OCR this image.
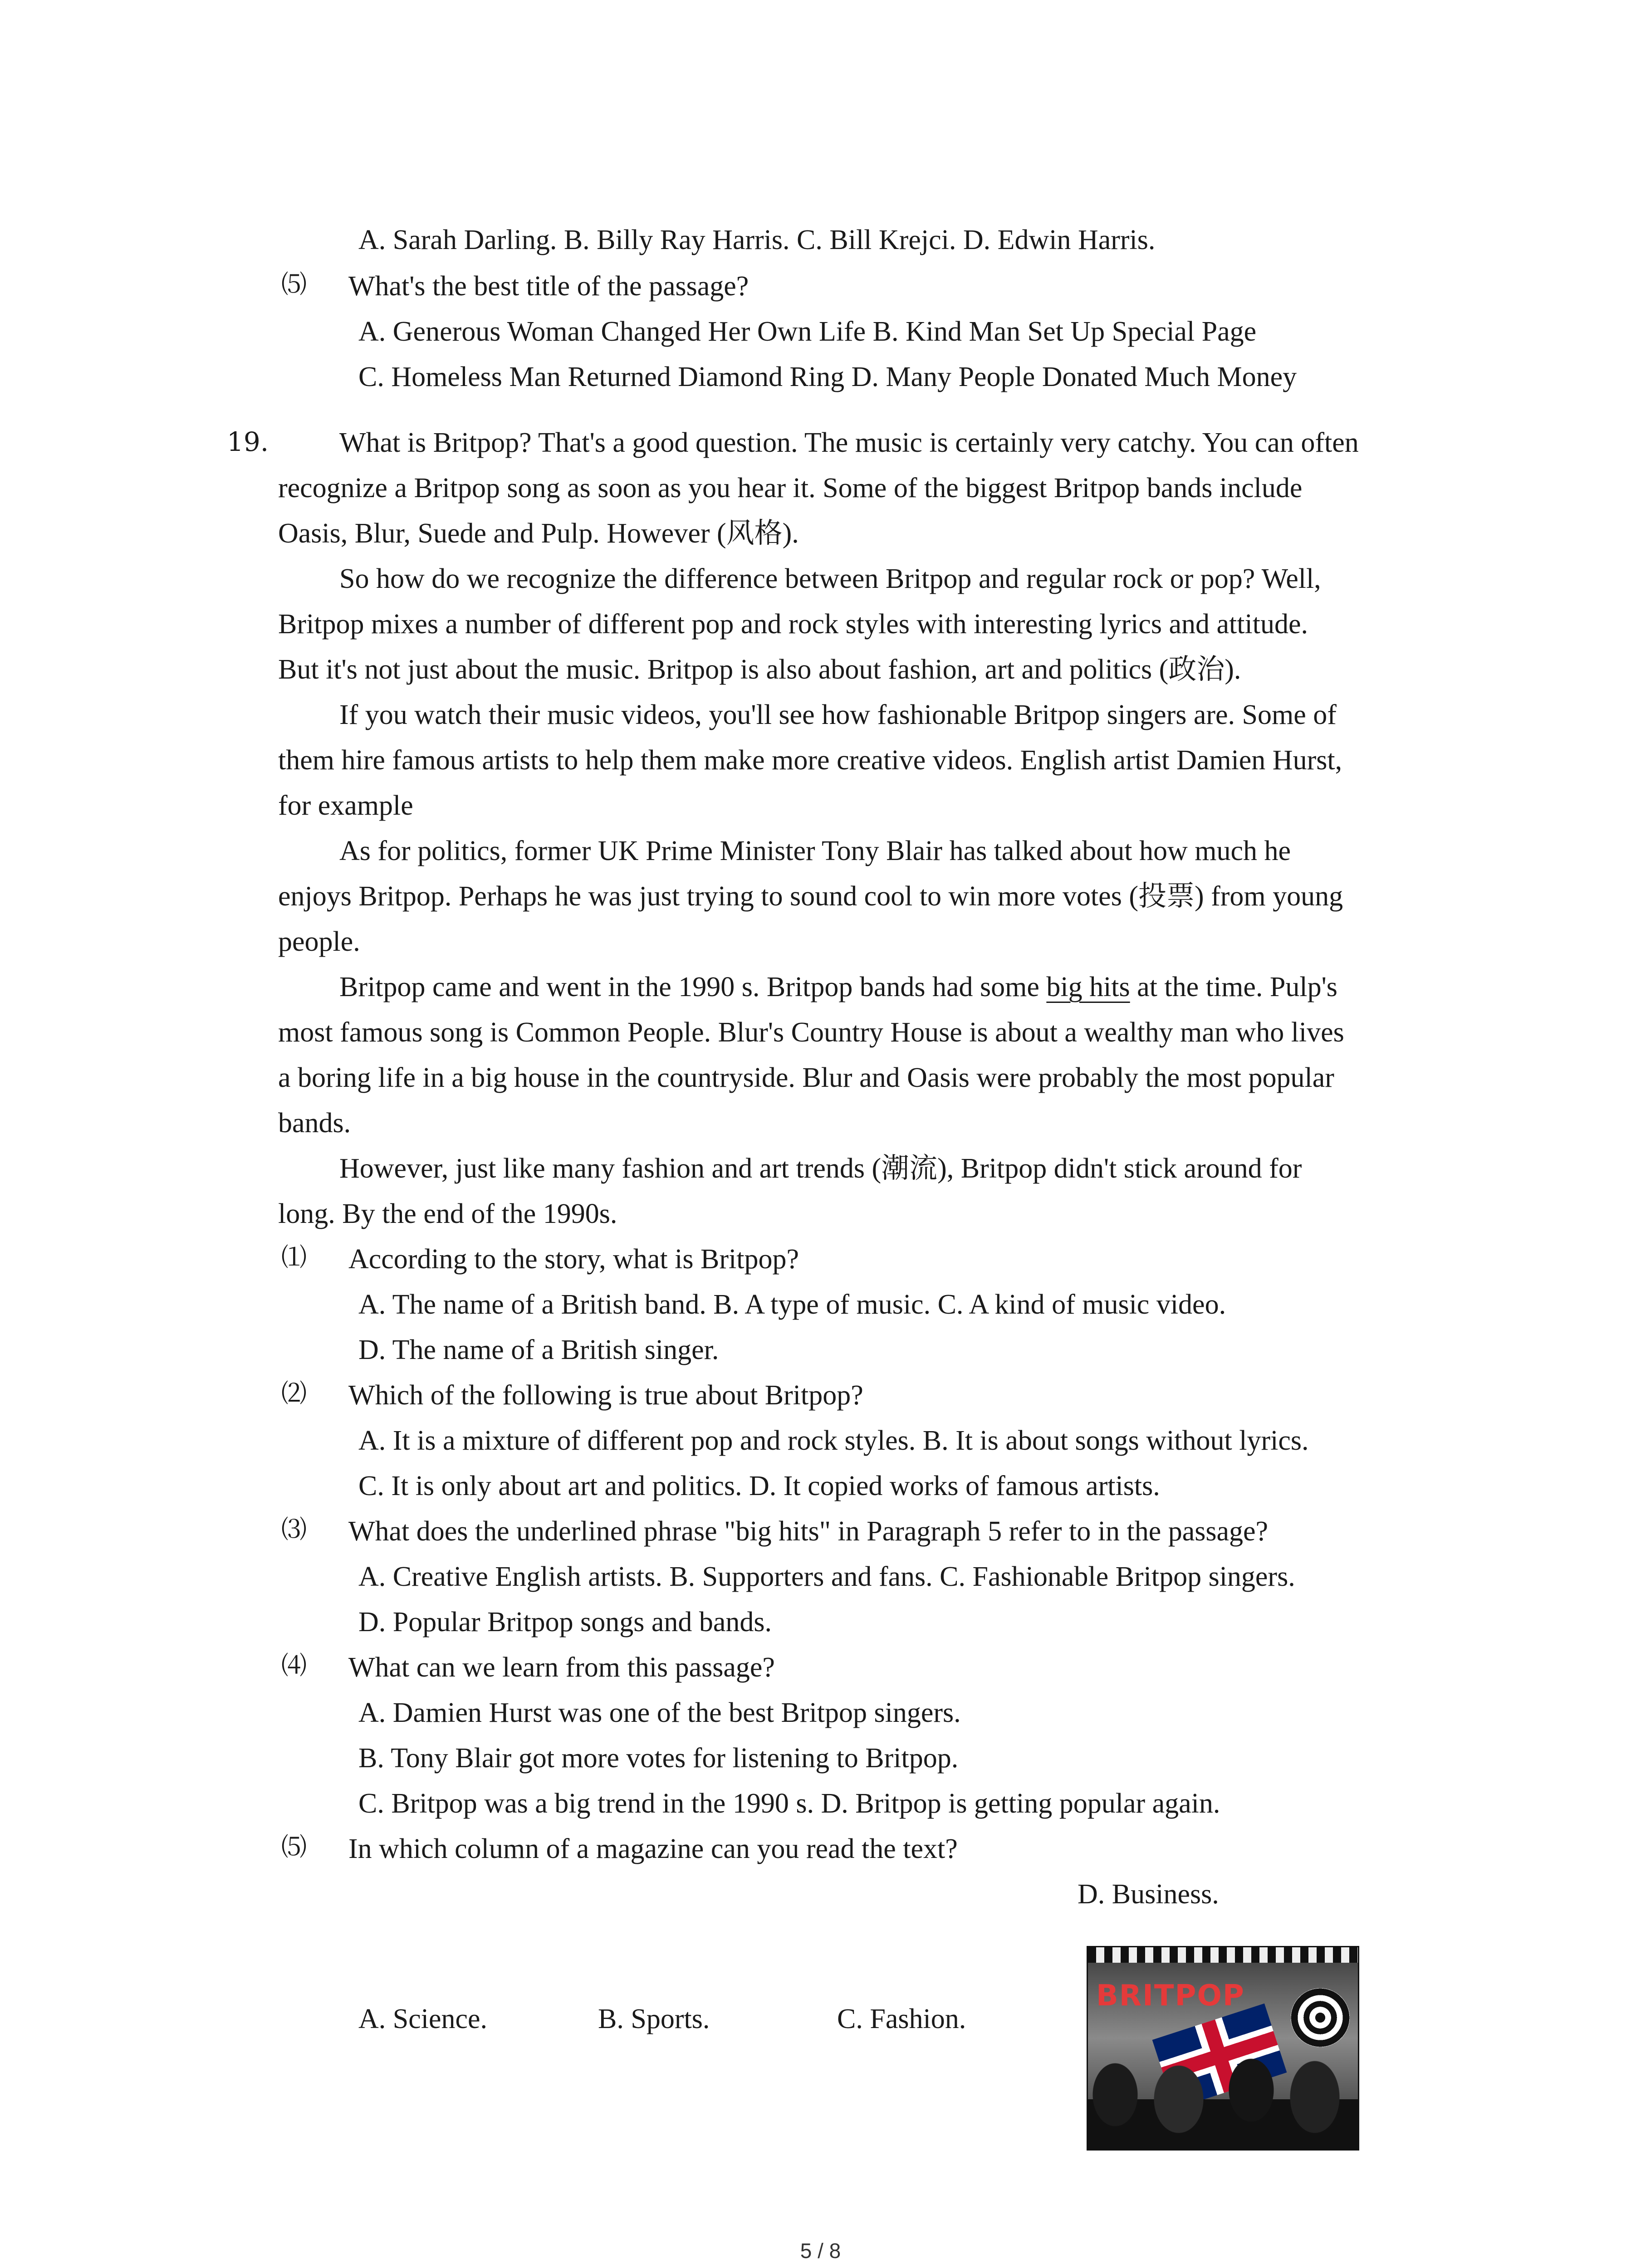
A. Sarah Darling. B. Billy Ray Harris. C. Bill Krejci. D. Edwin Harris.
⑸ What's the best title of the passage?
A. Generous Woman Changed Her Own Life B. Kind Man Set Up Special Page
C. Homeless Man Returned Diamond Ring D. Many People Donated Much Money
19.	What is Britpop? That's a good question. The music is certainly very catchy. You can often
recognize a Britpop song as soon as you hear it. Some of the biggest Britpop bands include
Oasis, Blur, Suede and Pulp. However (风格).
So how do we recognize the difference between Britpop and regular rock or pop? Well,
Britpop mixes a number of different pop and rock styles with interesting lyrics and attitude.
But it's not just about the music. Britpop is also about fashion, art and politics (政治).
If you watch their music videos, you'll see how fashionable Britpop singers are. Some of
them hire famous artists to help them make more creative videos. English artist Damien Hurst,
for example
As for politics, former UK Prime Minister Tony Blair has talked about how much he
enjoys Britpop. Perhaps he was just trying to sound cool to win more votes (投票) from young
people.
Britpop came and went in the 1990 s. Britpop bands had some big hits at the time. Pulp's
most famous song is Common People. Blur's Country House is about a wealthy man who lives
a boring life in a big house in the countryside. Blur and Oasis were probably the most popular
bands.
However, just like many fashion and art trends (潮流), Britpop didn't stick around for
long. By the end of the 1990s.
⑴ According to the story, what is Britpop?
A. The name of a British band. B. A type of music. C. A kind of music video.
D. The name of a British singer.
⑵ Which of the following is true about Britpop?
A. It is a mixture of different pop and rock styles. B. It is about songs without lyrics.
C. It is only about art and politics. D. It copied works of famous artists.
⑶ What does the underlined phrase "big hits" in Paragraph 5 refer to in the passage?
A. Creative English artists. B. Supporters and fans. C. Fashionable Britpop singers.
D. Popular Britpop songs and bands.
⑷ What can we learn from this passage?
A. Damien Hurst was one of the best Britpop singers.
B. Tony Blair got more votes for listening to Britpop.
C. Britpop was a big trend in the 1990 s. D. Britpop is getting popular again.
⑸ In which column of a magazine can you read the text?
D. Business.
A. Science.	B. Sports.	C. Fashion.
BRITPOP
5 / 8
